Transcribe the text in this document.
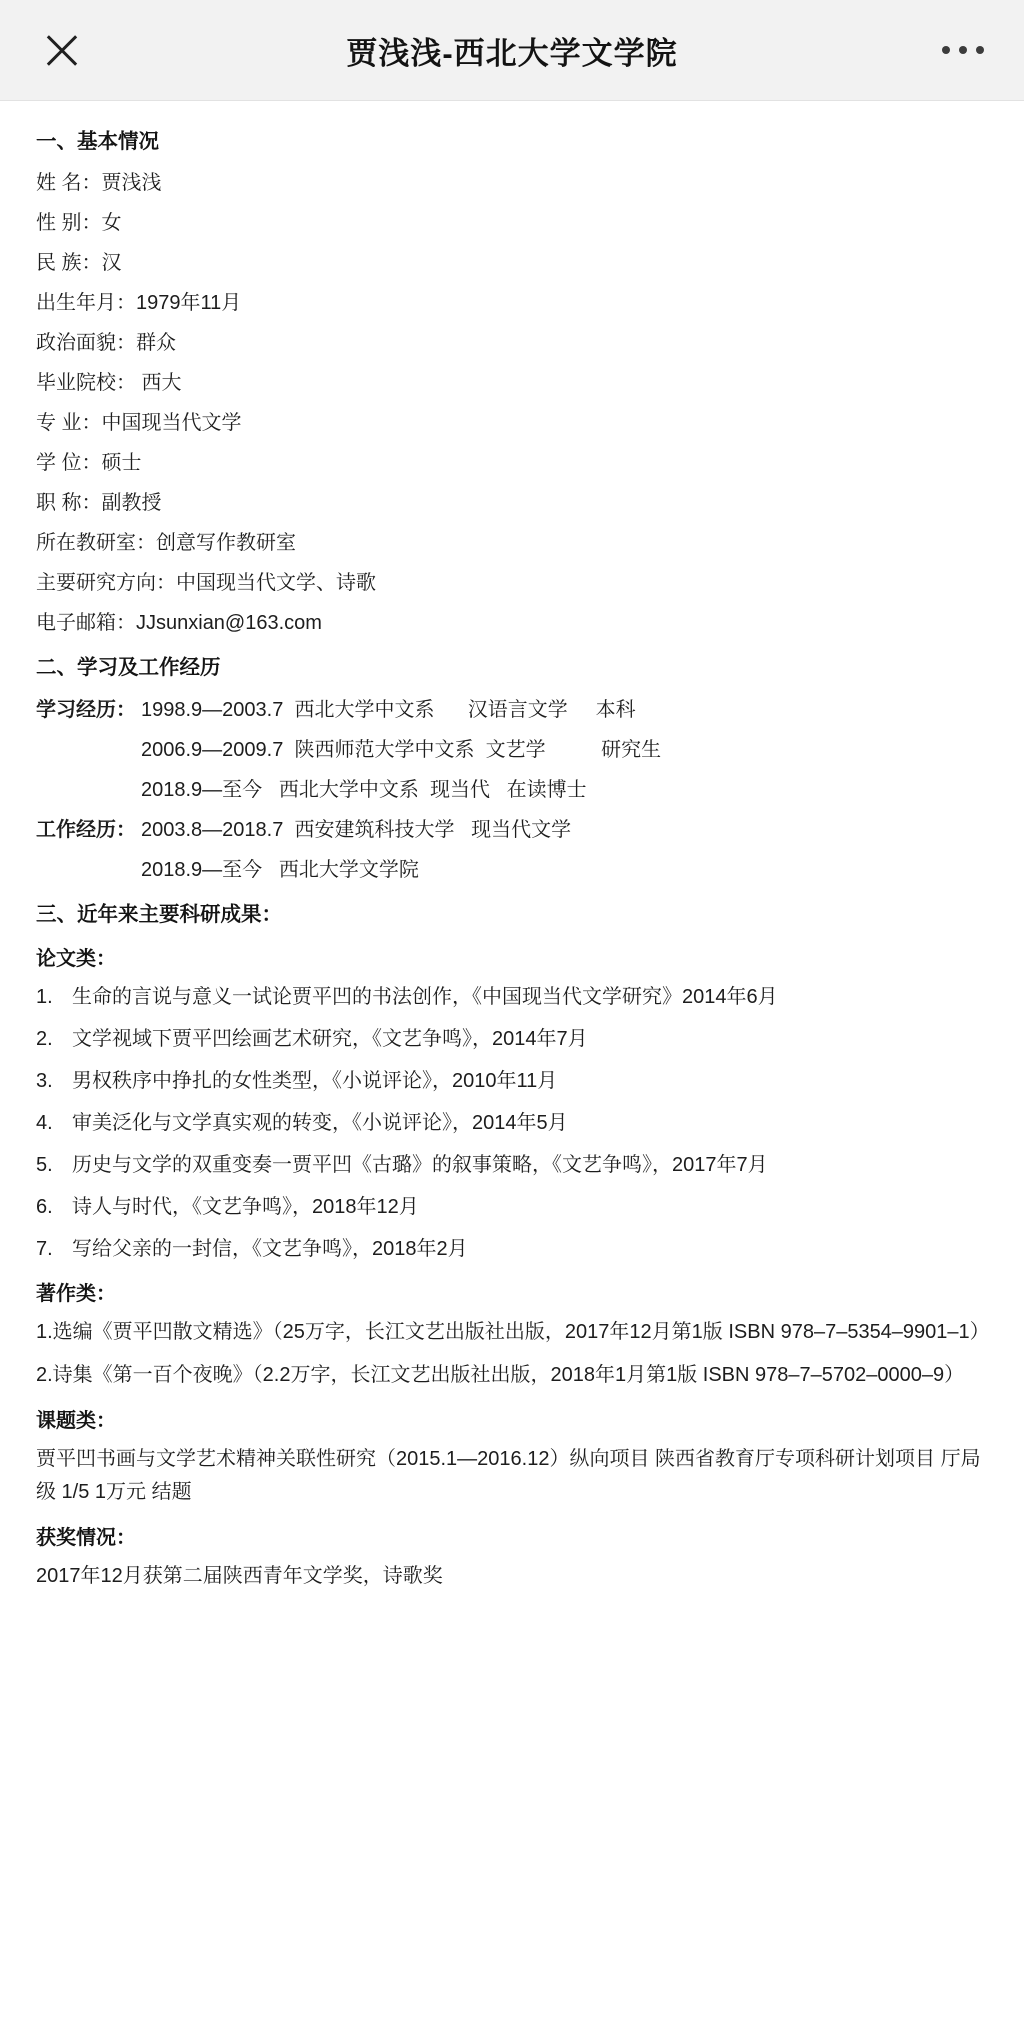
贾浅浅-西北大学文学院
一、基本情况
姓 名：贾浅浅
性 别：女
民 族：汉
出生年月：1979年11月
政治面貌：群众
毕业院校： 西大
专 业：中国现当代文学
学 位：硕士
职 称：副教授
所在教研室：创意写作教研室
主要研究方向：中国现当代文学、诗歌
电子邮箱：JJsunxian@163.com
二、学习及工作经历
学习经历： 1998.9—2003.7  西北大学中文系      汉语言文学     本科
2006.9—2009.7  陕西师范大学中文系  文艺学          研究生
2018.9—至今   西北大学中文系  现当代   在读博士
工作经历： 2003.8—2018.7  西安建筑科技大学   现当代文学
2018.9—至今   西北大学文学院
三、近年来主要科研成果：
论文类：
1. 生命的言说与意义一试论贾平凹的书法创作，《中国现当代文学研究》2014年6月
2. 文学视域下贾平凹绘画艺术研究，《文艺争鸣》，2014年7月
3. 男权秩序中挣扎的女性类型，《小说评论》，2010年11月
4. 审美泛化与文学真实观的转变，《小说评论》，2014年5月
5. 历史与文学的双重变奏一贾平凹《古璐》的叙事策略，《文艺争鸣》，2017年7月
6. 诗人与时代，《文艺争鸣》，2018年12月
7. 写给父亲的一封信，《文艺争鸣》，2018年2月
著作类：
1.选编《贾平凹散文精选》（25万字，长江文艺出版社出版，2017年12月第1版 ISBN 978–7–5354–9901–1）
2.诗集《第一百个夜晚》（2.2万字，长江文艺出版社出版，2018年1月第1版 ISBN 978–7–5702–0000–9）
课题类：
贾平凹书画与文学艺术精神关联性研究（2015.1—2016.12）纵向项目 陕西省教育厅专项科研计划项目 厅局级 1/5 1万元 结题
获奖情况：
2017年12月获第二届陕西青年文学奖，诗歌奖
